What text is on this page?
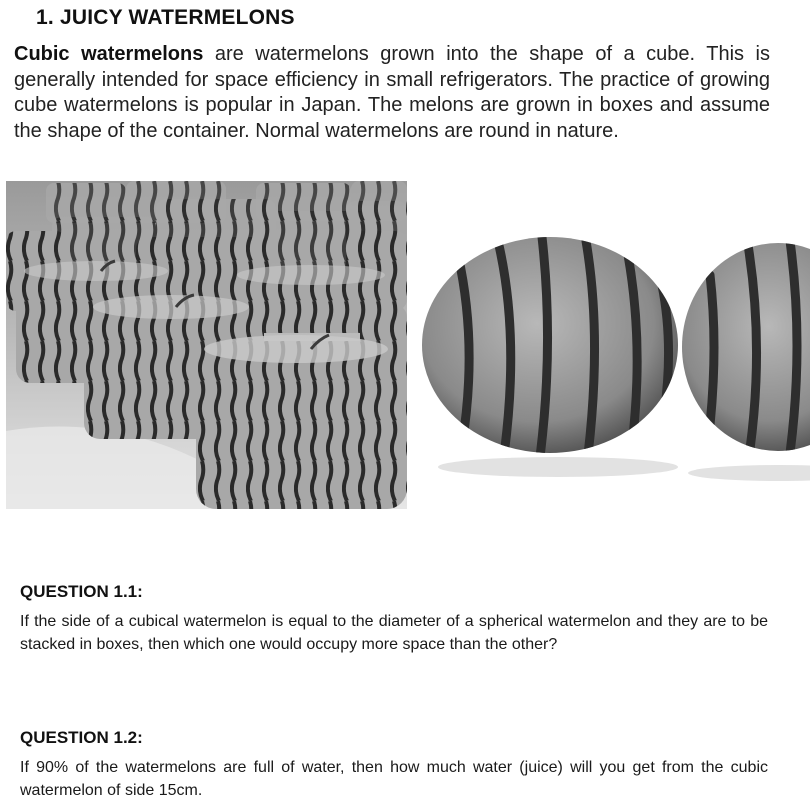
1. JUICY WATERMELONS
Cubic watermelons are watermelons grown into the shape of a cube. This is generally intended for space efficiency in small refrigerators. The practice of growing cube watermelons is popular in Japan. The melons are grown in boxes and assume the shape of the container. Normal watermelons are round in nature.
QUESTION 1.1:
If the side of a cubical watermelon is equal to the diameter of a spherical watermelon and they are to be stacked in boxes, then which one would occupy more space than the other?
QUESTION 1.2:
If 90% of the watermelons are full of water, then how much water (juice) will you get from the cubic watermelon of side 15cm.
